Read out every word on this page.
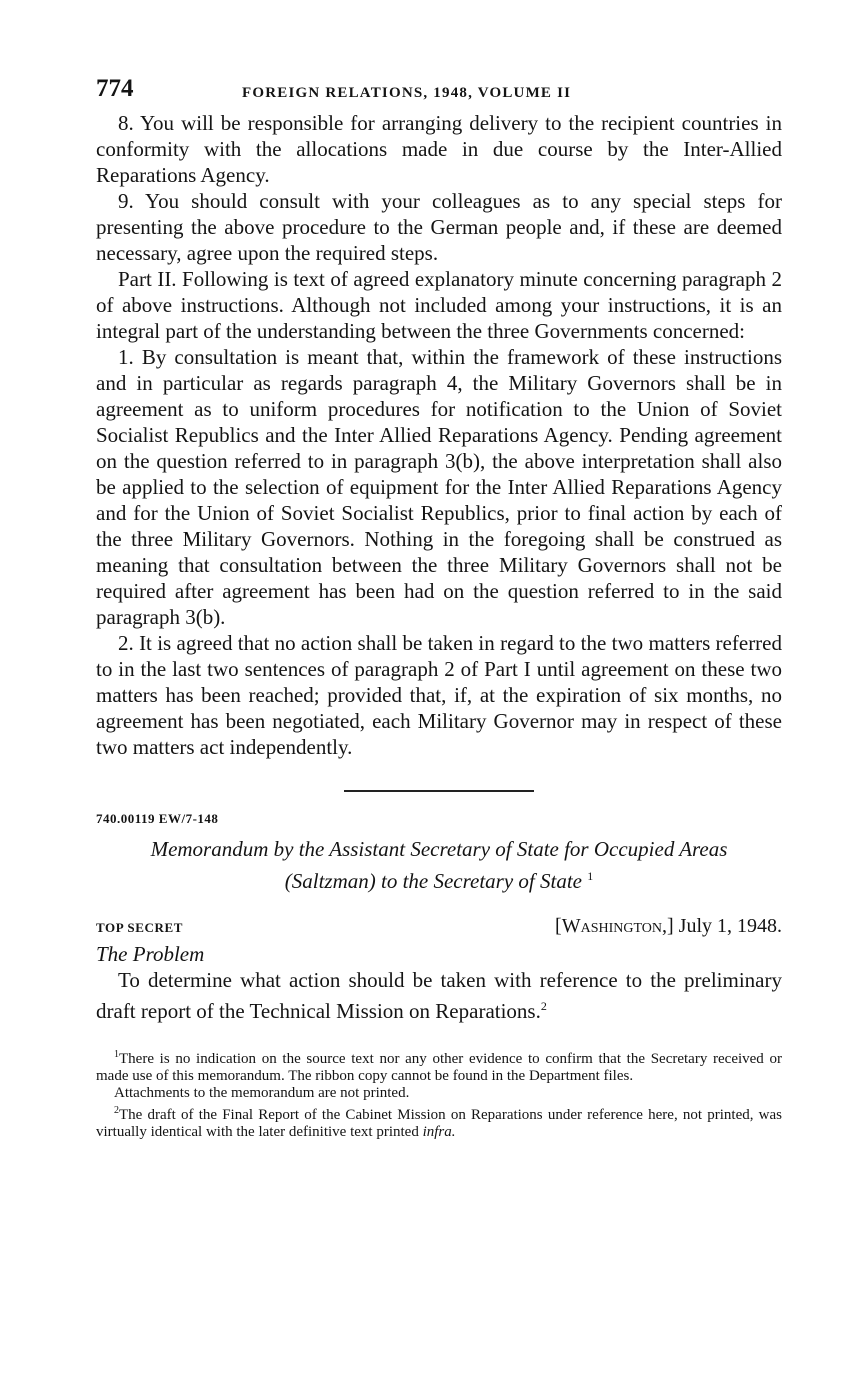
774	FOREIGN RELATIONS, 1948, VOLUME II

8. You will be responsible for arranging delivery to the recipient countries in conformity with the allocations made in due course by the Inter-Allied Reparations Agency.

9. You should consult with your colleagues as to any special steps for presenting the above procedure to the German people and, if these are deemed necessary, agree upon the required steps.

Part II. Following is text of agreed explanatory minute concerning paragraph 2 of above instructions. Although not included among your instructions, it is an integral part of the understanding between the three Governments concerned:

1. By consultation is meant that, within the framework of these instructions and in particular as regards paragraph 4, the Military Governors shall be in agreement as to uniform procedures for notification to the Union of Soviet Socialist Republics and the Inter Allied Reparations Agency. Pending agreement on the question referred to in paragraph 3(b), the above interpretation shall also be applied to the selection of equipment for the Inter Allied Reparations Agency and for the Union of Soviet Socialist Republics, prior to final action by each of the three Military Governors. Nothing in the foregoing shall be construed as meaning that consultation between the three Military Governors shall not be required after agreement has been had on the question referred to in the said paragraph 3(b).

2. It is agreed that no action shall be taken in regard to the two matters referred to in the last two sentences of paragraph 2 of Part I until agreement on these two matters has been reached; provided that, if, at the expiration of six months, no agreement has been negotiated, each Military Governor may in respect of these two matters act independently.

740.00119 EW/7-148

Memorandum by the Assistant Secretary of State for Occupied Areas

(Saltzman) to the Secretary of State $^1$

TOP SECRET	[Washington,] July 1, 1948.

The Problem

To determine what action should be taken with reference to the preliminary draft report of the Technical Mission on Reparations.$^2$

$^1$There is no indication on the source text nor any other evidence to confirm that the Secretary received or made use of this memorandum. The ribbon copy cannot be found in the Department files.

Attachments to the memorandum are not printed.

$^2$The draft of the Final Report of the Cabinet Mission on Reparations under reference here, not printed, was virtually identical with the later definitive text printed infra.
